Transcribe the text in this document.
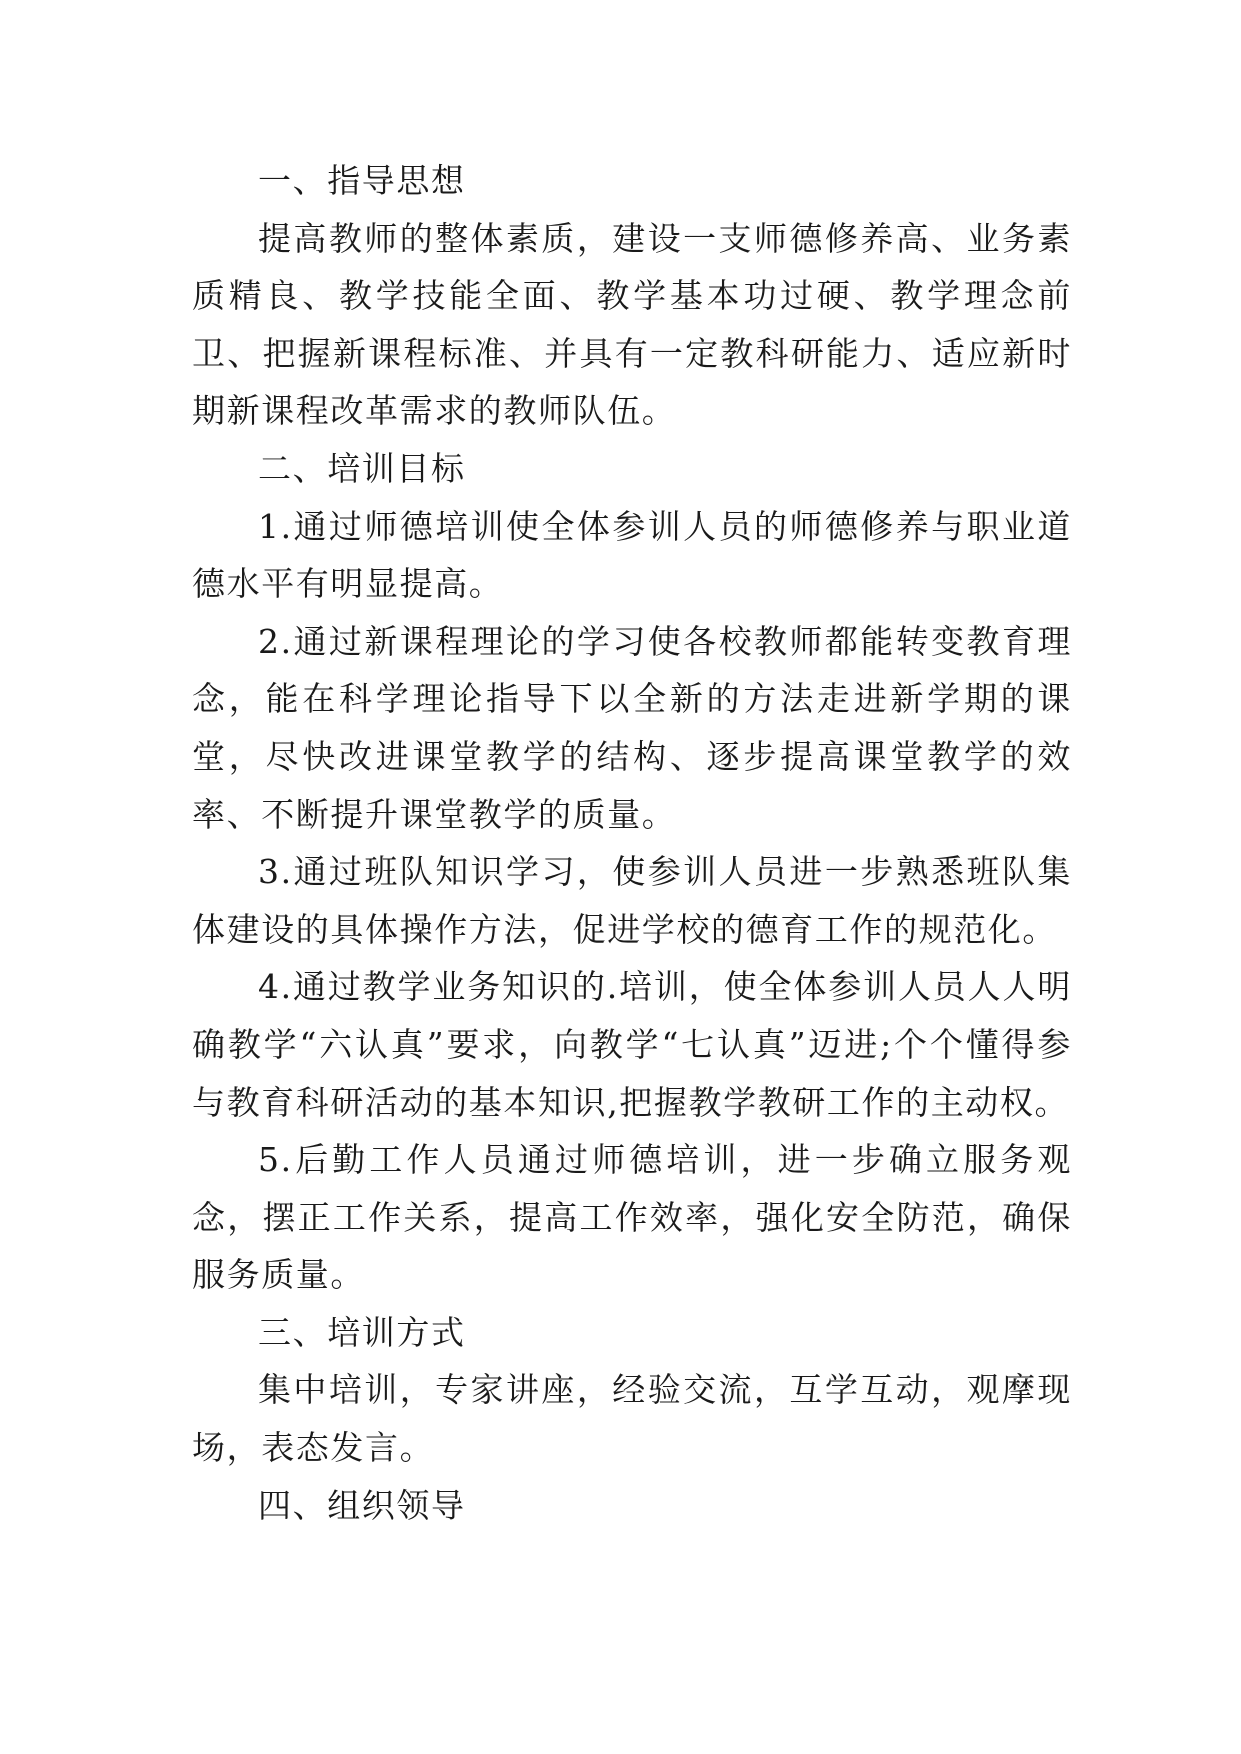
一、指导思想

提高教师的整体素质，建设一支师德修养高、业务素质精良、教学技能全面、教学基本功过硬、教学理念前卫、把握新课程标准、并具有一定教科研能力、适应新时期新课程改革需求的教师队伍。

二、培训目标

1.通过师德培训使全体参训人员的师德修养与职业道德水平有明显提高。

2.通过新课程理论的学习使各校教师都能转变教育理念，能在科学理论指导下以全新的方法走进新学期的课堂，尽快改进课堂教学的结构、逐步提高课堂教学的效率、不断提升课堂教学的质量。

3.通过班队知识学习，使参训人员进一步熟悉班队集体建设的具体操作方法，促进学校的德育工作的规范化。

4.通过教学业务知识的.培训，使全体参训人员人人明确教学“六认真”要求，向教学“七认真”迈进;个个懂得参与教育科研活动的基本知识,把握教学教研工作的主动权。

5.后勤工作人员通过师德培训，进一步确立服务观念，摆正工作关系，提高工作效率，强化安全防范，确保服务质量。

三、培训方式

集中培训，专家讲座，经验交流，互学互动，观摩现场，表态发言。

四、组织领导
